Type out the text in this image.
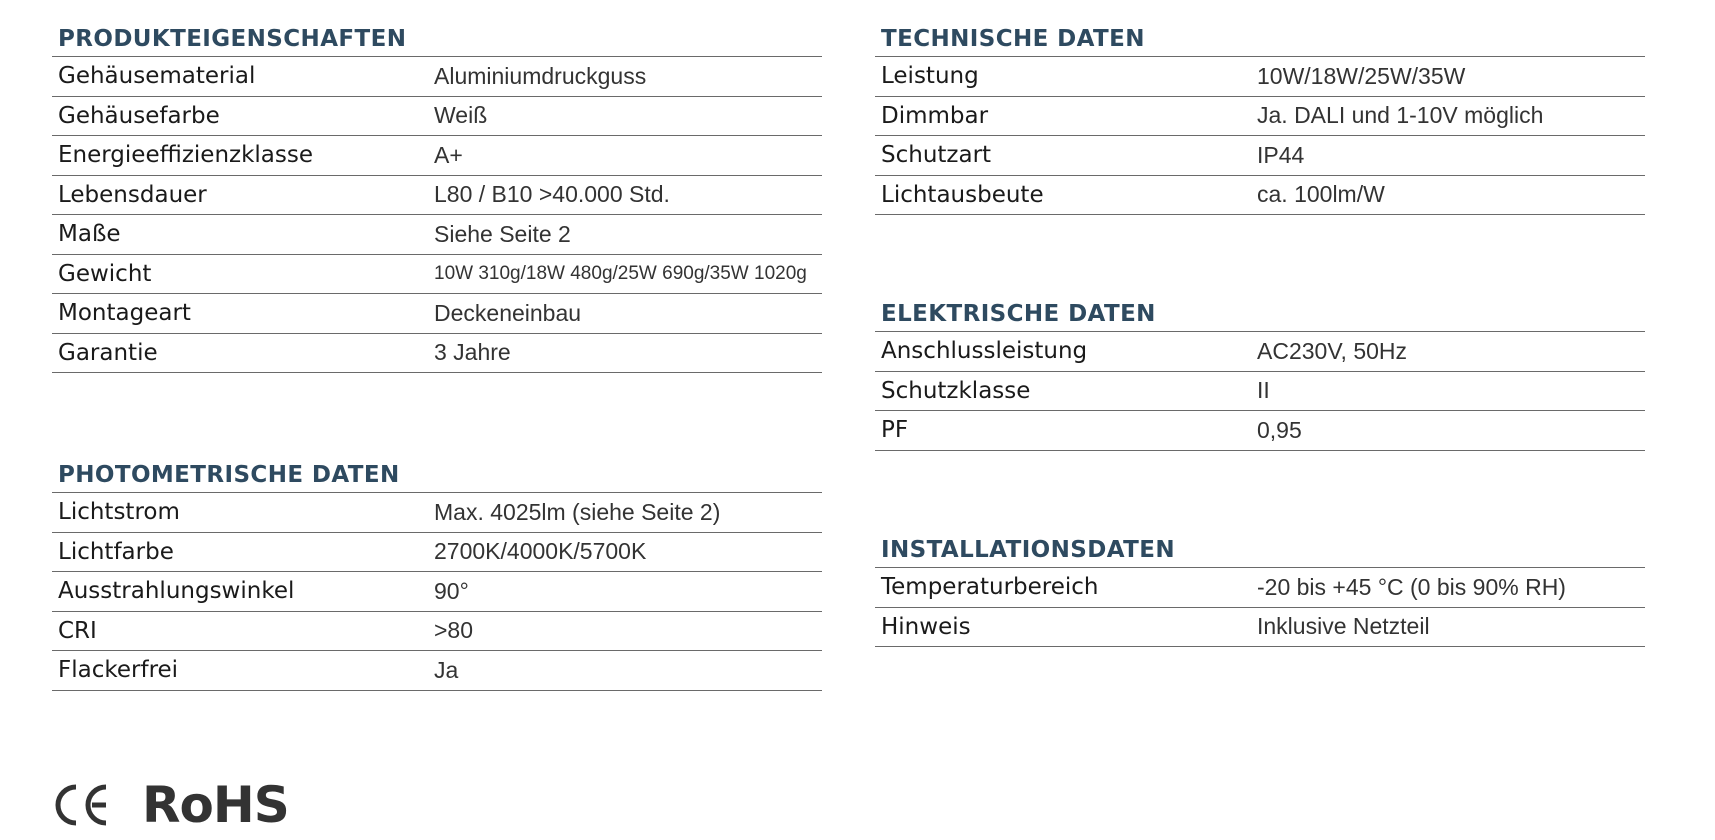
PRODUKTEIGENSCHAFTEN
Gehäusematerial	Aluminiumdruckguss
Gehäusefarbe	Weiß
Energieeffizienzklasse	A+
Lebensdauer	L80 / B10 >40.000 Std.
Maße	Siehe Seite 2
Gewicht	10W 310g/18W 480g/25W 690g/35W 1020g
Montageart	Deckeneinbau
Garantie	3 Jahre
PHOTOMETRISCHE DATEN
Lichtstrom	Max. 4025lm (siehe Seite 2)
Lichtfarbe	2700K/4000K/5700K
Ausstrahlungswinkel	90°
CRI	>80
Flackerfrei	Ja
TECHNISCHE DATEN
Leistung	10W/18W/25W/35W
Dimmbar	Ja. DALI und 1-10V möglich
Schutzart	IP44
Lichtausbeute	ca. 100lm/W
ELEKTRISCHE DATEN
Anschlussleistung	AC230V, 50Hz
Schutzklasse	II
PF	0,95
INSTALLATIONSDATEN
Temperaturbereich	-20 bis +45 °C (0 bis 90% RH)
Hinweis	Inklusive Netzteil
RoHS
